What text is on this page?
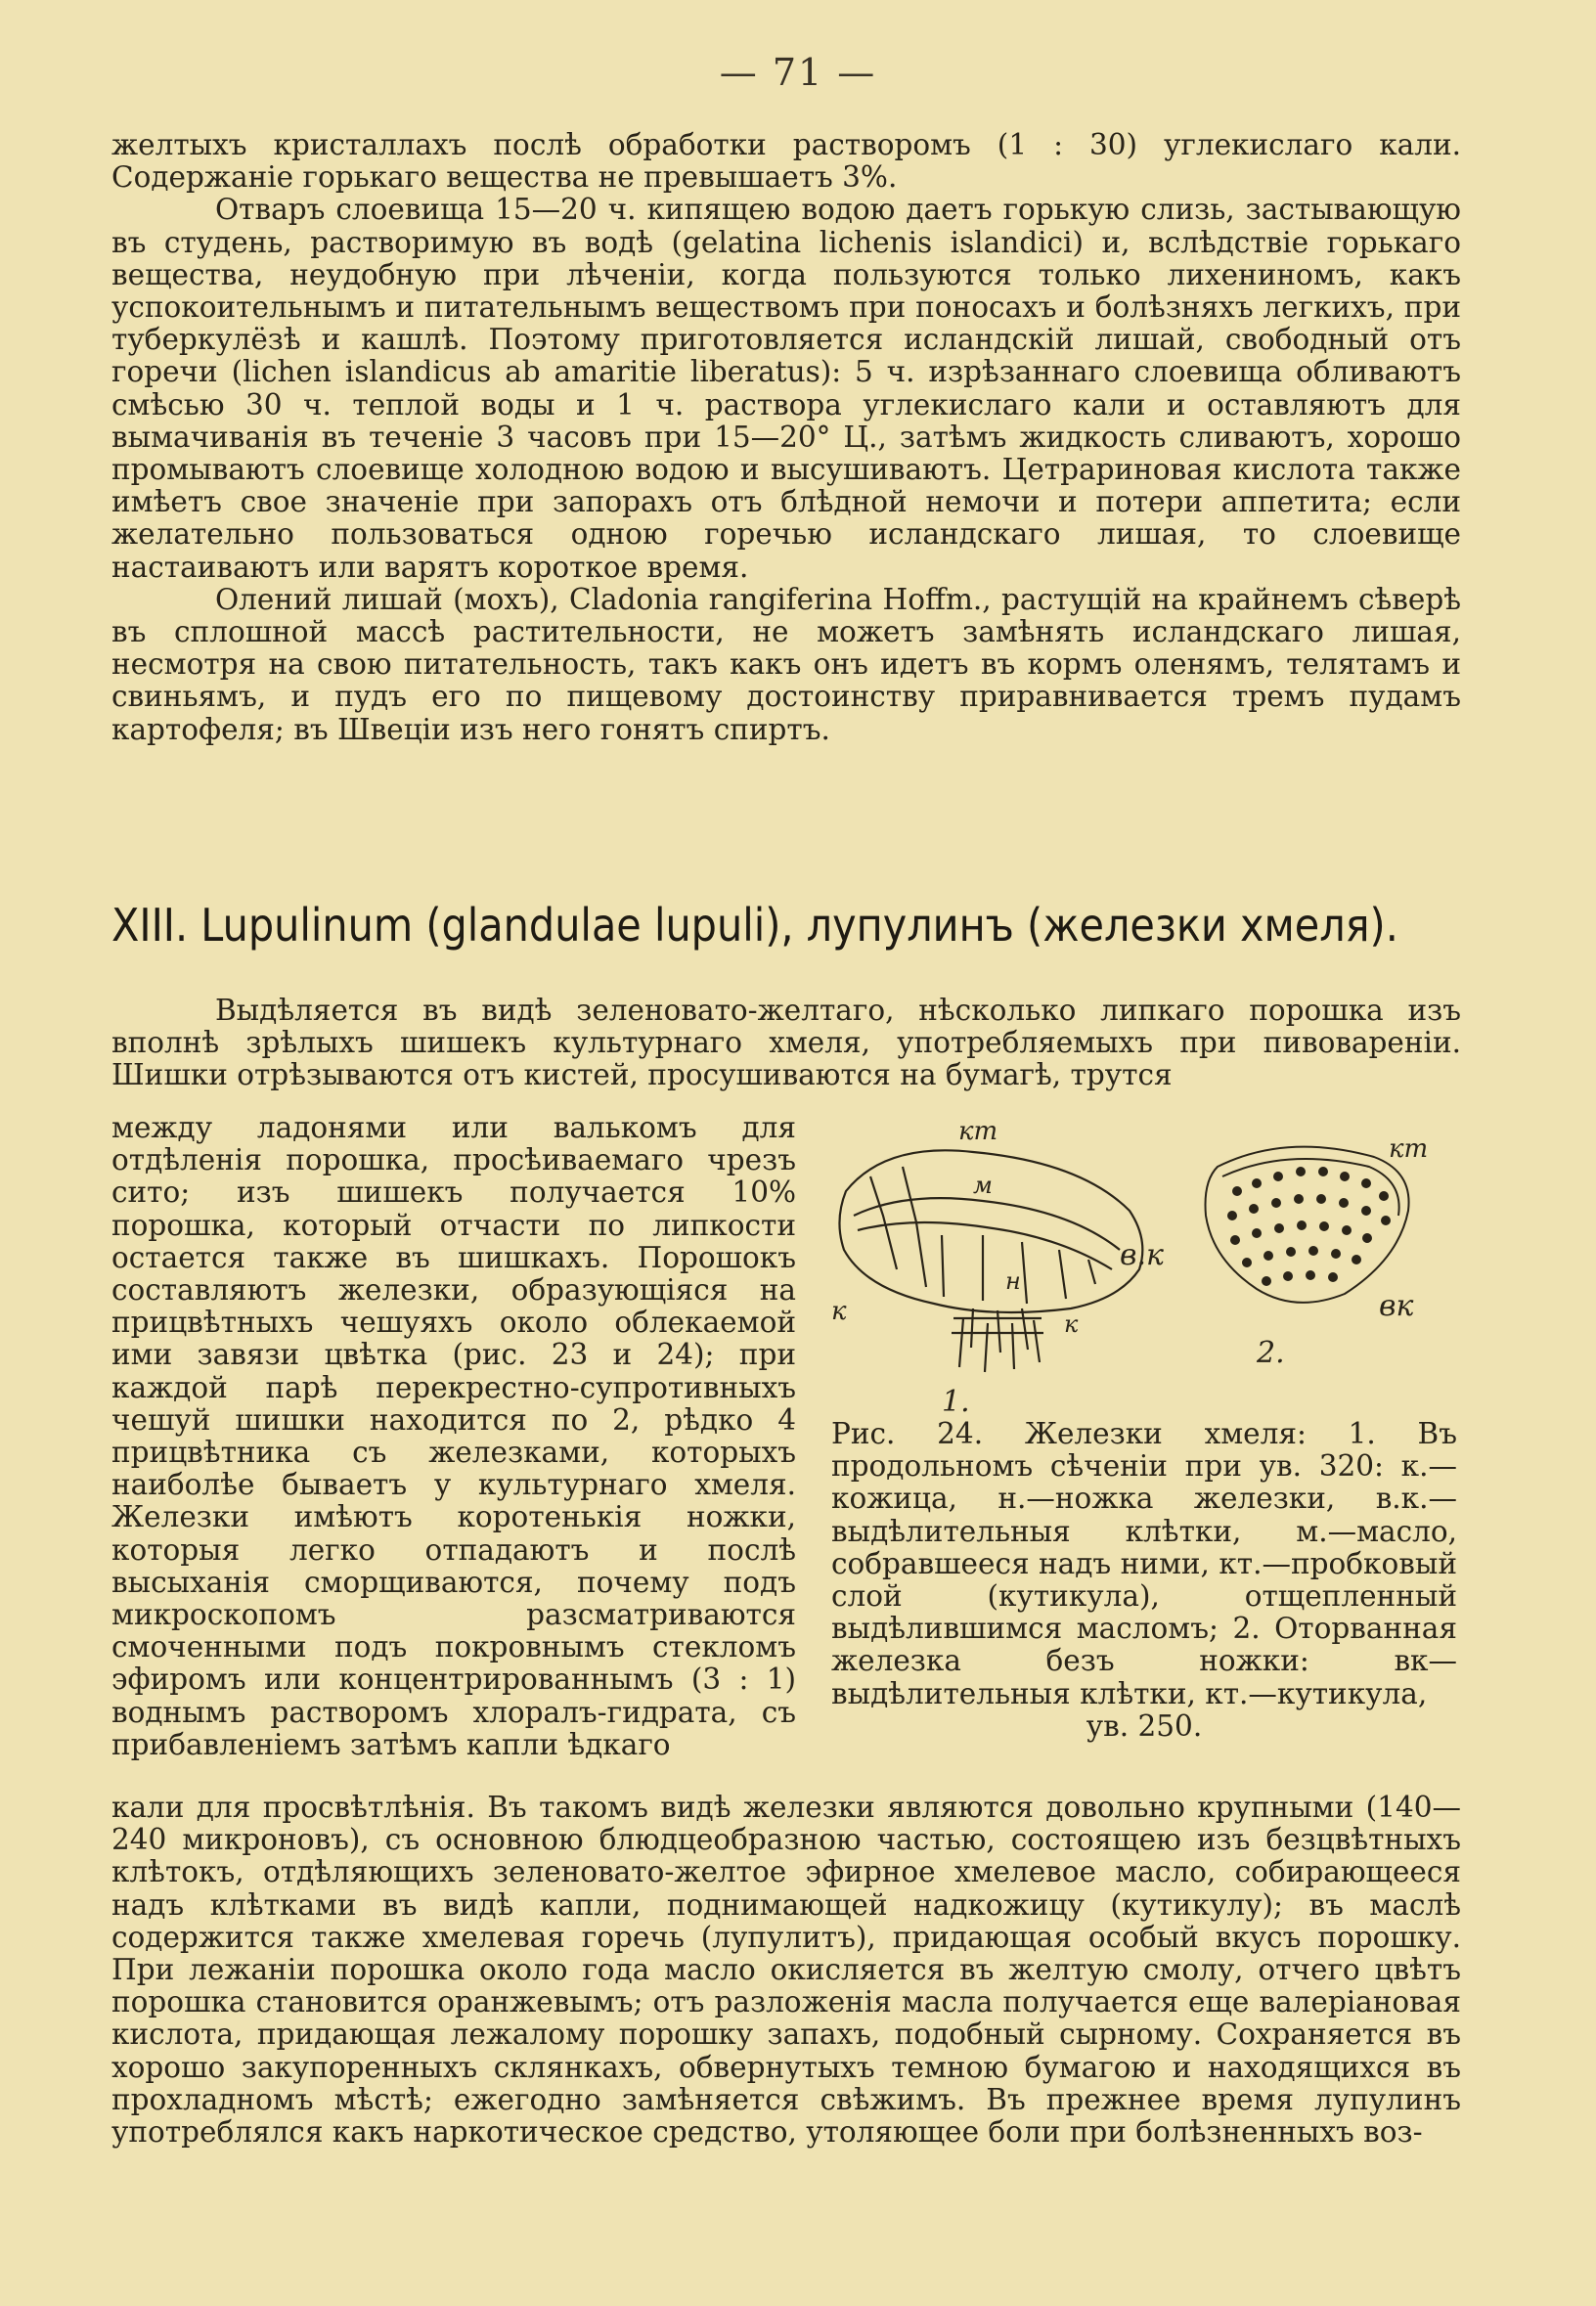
— 71 —

желтыхъ кристаллахъ послѣ обработки растворомъ (1 : 30) углекислаго кали. Содержаніе горькаго вещества не превышаетъ 3%.

Отваръ слоевища 15—20 ч. кипящею водою даетъ горькую слизь, застывающую въ студень, растворимую въ водѣ (gelatina lichenis islandici) и, вслѣдствіе горькаго вещества, неудобную при лѣченіи, когда пользуются только лихениномъ, какъ успокоительнымъ и питательнымъ веществомъ при поносахъ и болѣзняхъ легкихъ, при туберкулёзѣ и кашлѣ. Поэтому приготовляется исландскій лишай, свободный отъ горечи (lichen islandicus ab amaritie liberatus): 5 ч. изрѣзаннаго слоевища обливаютъ смѣсью 30 ч. теплой воды и 1 ч. раствора углекислаго кали и оставляютъ для вымачиванія въ теченіе 3 часовъ при 15—20° Ц., затѣмъ жидкость сливаютъ, хорошо промываютъ слоевище холодною водою и высушиваютъ. Цетрариновая кислота также имѣетъ свое значеніе при запорахъ отъ блѣдной немочи и потери аппетита; если желательно пользоваться одною горечью исландскаго лишая, то слоевище настаиваютъ или варятъ короткое время.

Олений лишай (мохъ), Cladonia rangiferina Hoffm., растущій на крайнемъ сѣверѣ въ сплошной массѣ растительности, не можетъ замѣнять исландскаго лишая, несмотря на свою питательность, такъ какъ онъ идетъ въ кормъ оленямъ, телятамъ и свиньямъ, и пудъ его по пищевому достоинству приравнивается тремъ пудамъ картофеля; въ Швеціи изъ него гонятъ спиртъ.

XIII. Lupulinum (glandulae lupuli), лупулинъ (железки хмеля).
Выдѣляется въ видѣ зеленовато-желтаго, нѣсколько липкаго порошка изъ вполнѣ зрѣлыхъ шишекъ культурнаго хмеля, употребляемыхъ при пивовареніи. Шишки отрѣзываются отъ кистей, просушиваются на бумагѣ, трутся
между ладонями или валькомъ для отдѣленія порошка, просѣиваемаго чрезъ сито; изъ шишекъ получается 10% порошка, который отчасти по липкости остается также въ шишкахъ. Порошокъ составляютъ железки, образующіяся на прицвѣтныхъ чешуяхъ около облекаемой ими завязи цвѣтка (рис. 23 и 24); при каждой парѣ перекрестно-супротивныхъ чешуй шишки находится по 2, рѣдко 4 прицвѣтника съ железками, которыхъ наиболѣе бываетъ у культурнаго хмеля. Железки имѣютъ коротенькія ножки, которыя легко отпадаютъ и послѣ высыханія сморщиваются, почему подъ микроскопомъ разсматриваются смоченными подъ покровнымъ стекломъ эфиромъ или концентрированнымъ (3 : 1) воднымъ растворомъ хлоралъ-гидрата, съ прибавленіемъ затѣмъ капли ѣдкаго
кт
м
в.к
к
н
к
1.
кт
вк
2.
Рис. 24. Железки хмеля: 1. Въ продольномъ сѣченіи при ув. 320: к.—кожица, н.—ножка железки, в.к.—выдѣлительныя клѣтки, м.—масло, собравшееся надъ ними, кт.—пробковый слой (кутикула), отщепленный выдѣлившимся масломъ; 2. Оторванная железка безъ ножки: вк—выдѣлительныя клѣтки, кт.—кутикула,
ув. 250.
кали для просвѣтлѣнія. Въ такомъ видѣ железки являются довольно крупными (140—240 микроновъ), съ основною блюдцеобразною частью, состоящею изъ безцвѣтныхъ клѣтокъ, отдѣляющихъ зеленовато-желтое эфирное хмелевое масло, собирающееся надъ клѣтками въ видѣ капли, поднимающей надкожицу (кутикулу); въ маслѣ содержится также хмелевая горечь (лупулитъ), придающая особый вкусъ порошку. При лежаніи порошка около года масло окисляется въ желтую смолу, отчего цвѣтъ порошка становится оранжевымъ; отъ разложенія масла получается еще валеріановая кислота, придающая лежалому порошку запахъ, подобный сырному. Сохраняется въ хорошо закупоренныхъ склянкахъ, обвернутыхъ темною бумагою и находящихся въ прохладномъ мѣстѣ; ежегодно замѣняется свѣжимъ. Въ прежнее время лупулинъ употреблялся какъ наркотическое средство, утоляющее боли при болѣзненныхъ воз-
